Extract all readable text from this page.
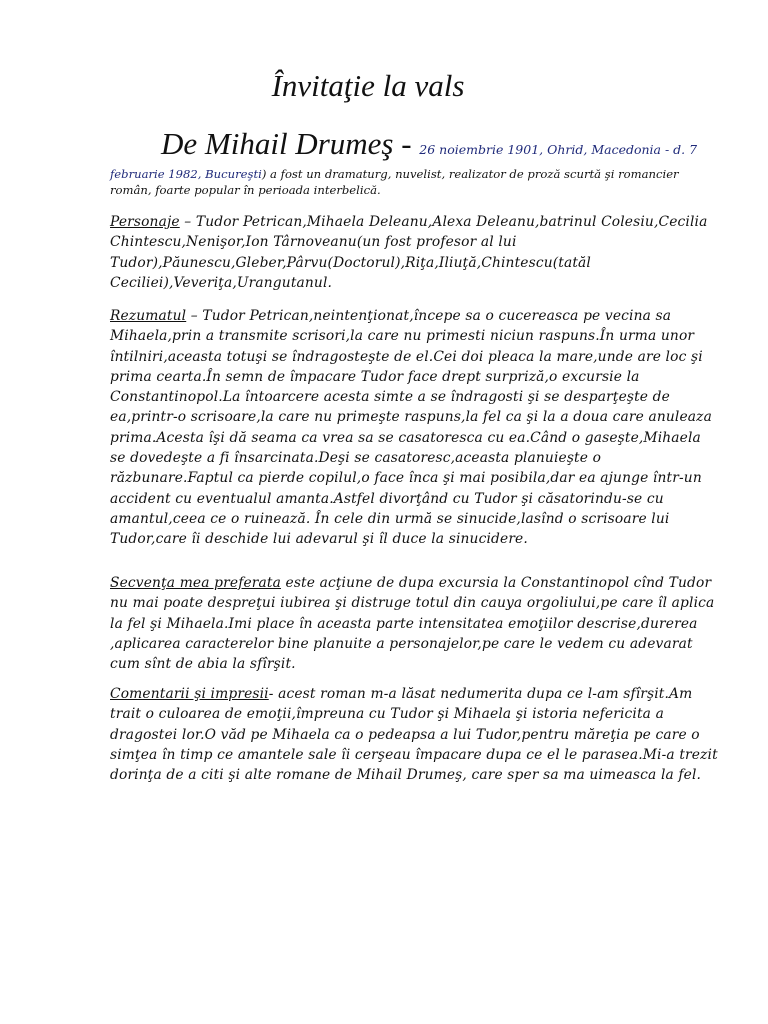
Învitaţie la vals

De Mihail Drumeş - 26 noiembrie 1901, Ohrid, Macedonia - d. 7

februarie 1982, Bucureşti) a fost un dramaturg, nuvelist, realizator de proză scurtă şi romancier român, foarte popular în perioada interbelică.

Personaje – Tudor Petrican,Mihaela Deleanu,Alexa Deleanu,batrinul Colesiu,Cecilia Chintescu,Nenişor,Ion Târnoveanu(un fost profesor al lui Tudor),Păunescu,Gleber,Pârvu(Doctorul),Riţa,Iliuţă,Chintescu(tatăl Ceciliei),Veveriţa,Urangutanul.

Rezumatul – Tudor Petrican,neintenţionat,începe sa o cucereasca pe vecina sa Mihaela,prin a transmite scrisori,la care nu primesti niciun raspuns.În urma unor întilniri,aceasta totuşi se îndragosteşte de el.Cei doi pleaca la mare,unde are loc şi prima cearta.În semn de împacare Tudor face drept surpriză,o excursie la Constantinopol.La întoarcere acesta simte a se îndragosti şi se desparţeşte de ea,printr-o scrisoare,la care nu primeşte raspuns,la fel ca şi la a doua care anuleaza prima.Acesta îşi dă seama ca vrea sa se casatoresca cu ea.Când o gaseşte,Mihaela se dovedeşte a fi însarcinata.Deşi se casatoresc,aceasta planuieşte o răzbunare.Faptul ca pierde copilul,o face înca şi mai posibila,dar ea ajunge într-un accident cu eventualul amanta.Astfel divorţând cu Tudor şi căsatorindu-se cu amantul,ceea ce o ruinează. În cele din urmă se sinucide,lasînd o scrisoare lui Tudor,care îi deschide lui adevarul şi îl duce la sinucidere.

Secvenţa mea preferata este acţiune de dupa excursia la Constantinopol cînd Tudor nu mai poate despreţui iubirea şi distruge totul din cauya orgoliului,pe care îl aplica la fel şi Mihaela.Imi place în aceasta parte intensitatea emoţiilor descrise,durerea ,aplicarea caracterelor bine planuite a personajelor,pe care le vedem cu adevarat cum sînt de abia la sfîrşit.

Comentarii şi impresii- acest roman m-a lăsat nedumerita dupa ce l-am sfîrşit.Am trait o culoarea de emoţii,împreuna cu Tudor şi Mihaela şi istoria nefericita a dragostei lor.O văd pe Mihaela ca o pedeapsa a lui Tudor,pentru măreţia pe care o simţea în timp ce amantele sale îi cerşeau împacare dupa ce el le parasea.Mi-a trezit dorinţa de a citi şi alte romane de Mihail Drumeş, care sper sa ma uimeasca la fel.
